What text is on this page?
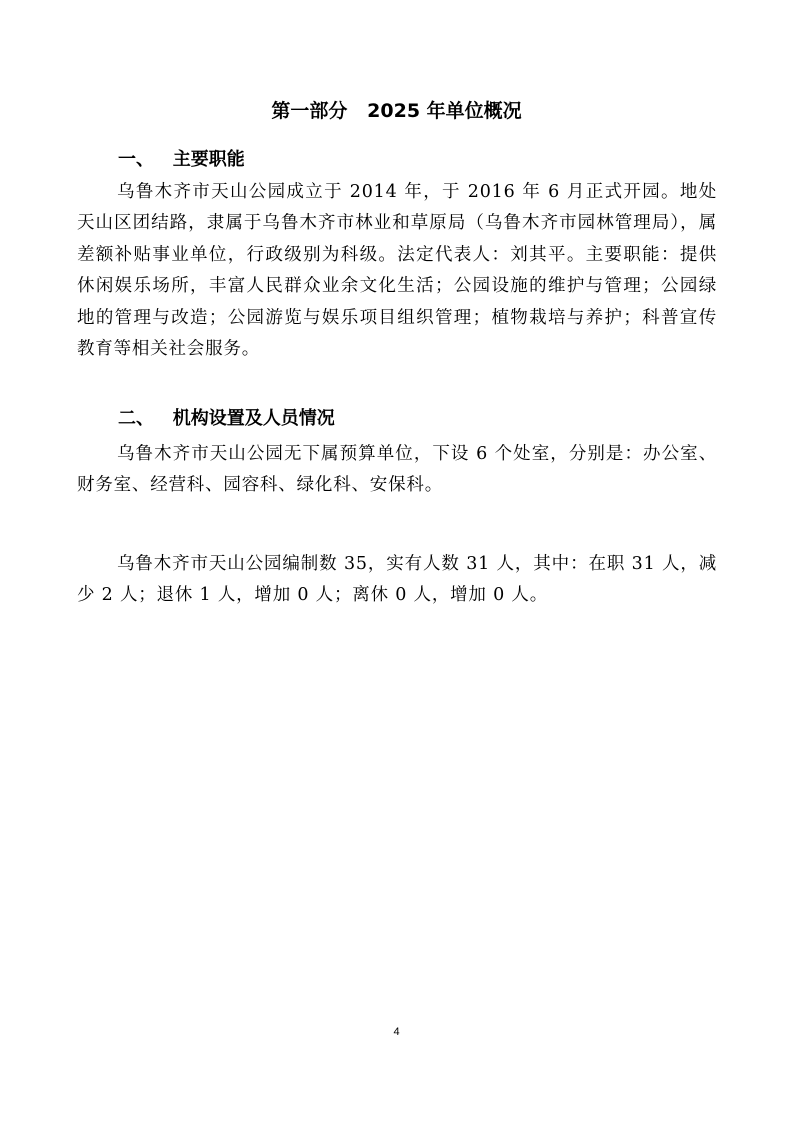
第一部分   2025 年单位概况
一、   主要职能

乌鲁木齐市天山公园成立于 2014 年，于 2016 年 6 月正式开园。地处天山区团结路，隶属于乌鲁木齐市林业和草原局（乌鲁木齐市园林管理局），属差额补贴事业单位，行政级别为科级。法定代表人：刘其平。主要职能：提供休闲娱乐场所，丰富人民群众业余文化生活；公园设施的维护与管理；公园绿地的管理与改造；公园游览与娱乐项目组织管理；植物栽培与养护；科普宣传教育等相关社会服务。

二、   机构设置及人员情况

乌鲁木齐市天山公园无下属预算单位，下设 6 个处室，分别是：办公室、财务室、经营科、园容科、绿化科、安保科。

乌鲁木齐市天山公园编制数 35，实有人数 31 人，其中：在职 31 人，减少 2 人；退休 1 人，增加 0 人；离休 0 人，增加 0 人。

4
